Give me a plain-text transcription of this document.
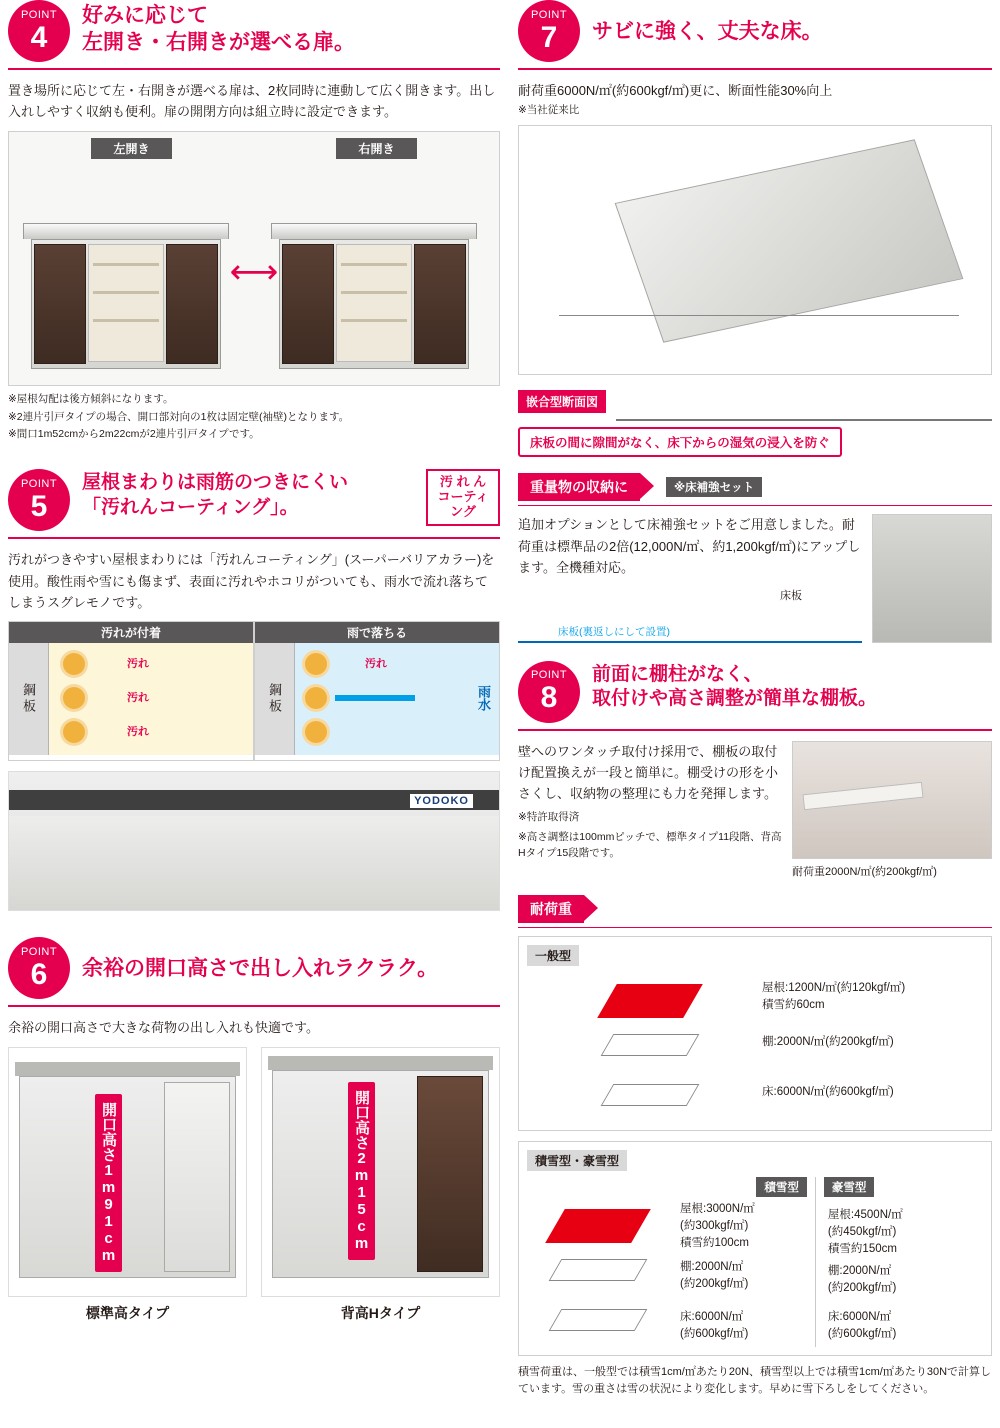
POINT
4
好みに応じて
左開き・右開きが選べる扉。

置き場所に応じて左・右開きが選べる扉は、2枚同時に連動して広く開きます。出し入れしやすく収納も便利。扉の開閉方向は組立時に設定できます。

左開き	右開き
⟷
※屋根勾配は後方傾斜になります。
※2連片引戸タイプの場合、開口部対向の1枚は固定壁(袖壁)となります。
※間口1m52cmから2m22cmが2連片引戸タイプです。
POINT
5
屋根まわりは雨筋のつきにくい
「汚れんコーティング」。
汚 れ ん
コーティング

汚れがつきやすい屋根まわりには「汚れんコーティング」(スーパーバリアカラー)を使用。酸性雨や雪にも傷まず、表面に汚れやホコリがついても、雨水で流れ落ちてしまうスグレモノです。

汚れが付着
鋼板
汚れ
汚れ
汚れ
雨で落ちる
鋼板
汚れ
雨水
YODOKO
POINT
6 余裕の開口高さで出し入れラクラク。

余裕の開口高さで大きな荷物の出し入れも快適です。

開口高さ1m91cm
標準高タイプ
開口高さ2m15cm
背高Hタイプ
POINT
7 サビに強く、丈夫な床。

耐荷重6000N/㎡(約600kgf/㎡)更に、断面性能30%向上

※当社従来比
嵌合型断面図
床板の間に隙間がなく、床下からの湿気の浸入を防ぐ
重量物の収納に	※床補強セット

追加オプションとして床補強セットをご用意しました。耐荷重は標準品の2倍(12,000N/㎡、約1,200kgf/㎡)にアップします。全機種対応。

床板
床板(裏返しにして設置)
POINT
8
前面に棚柱がなく、
取付けや高さ調整が簡単な棚板。

壁へのワンタッチ取付け採用で、棚板の取付け配置換えが一段と簡単に。棚受けの形を小さくし、収納物の整理にも力を発揮します。※特許取得済

※高さ調整は100mmピッチで、標準タイプ11段階、背高Hタイプ15段階です。
耐荷重2000N/㎡(約200kgf/㎡)
耐荷重
一般型
屋根:1200N/㎡(約120kgf/㎡)
積雪約60cm
棚:2000N/㎡(約200kgf/㎡)
床:6000N/㎡(約600kgf/㎡)
積雪型・豪雪型
積雪型
屋根:3000N/㎡
(約300kgf/㎡)
積雪約100cm
棚:2000N/㎡
(約200kgf/㎡)
床:6000N/㎡
(約600kgf/㎡)
豪雪型
屋根:4500N/㎡
(約450kgf/㎡)
積雪約150cm
棚:2000N/㎡
(約200kgf/㎡)
床:6000N/㎡
(約600kgf/㎡)
積雪荷重は、一般型では積雪1cm/㎡あたり20N、積雪型以上では積雪1cm/㎡あたり30Nで計算しています。雪の重さは雪の状況により変化します。早めに雪下ろしをしてください。
